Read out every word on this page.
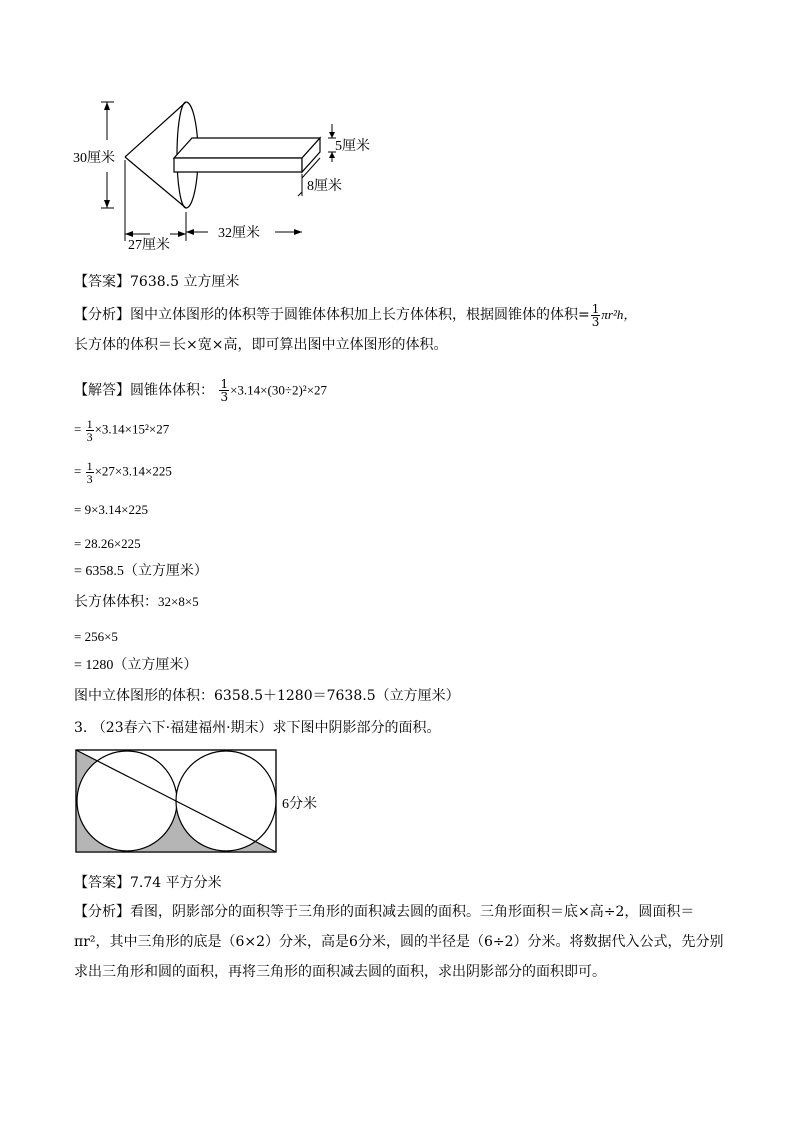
30厘米
5厘米
8厘米
32厘米
27厘米
【答案】7638.5 立方厘米
【分析】图中立体图形的体积等于圆锥体体积加上长方体体积，根据圆锥体的体积= $\frac{1}{3} \pi r^2h$，
长方体的体积＝长×宽×高，即可算出图中立体图形的体积。
【解答】圆锥体体积： $\frac{1}{3} \times 3.14\times(30\div 2)^2\times 27$
= $\frac{1}{3} \times 3.14\times 15^2\times 27$
= $\frac{1}{3} \times 27\times 3.14\times 225$
= 9×3.14×225
= 28.26×225
= 6358.5（立方厘米）
长方体体积：32×8×5
= 256×5
= 1280（立方厘米）
图中立体图形的体积：6358.5＋1280＝7638.5（立方厘米）
3. （23春六下·福建福州·期末）求下图中阴影部分的面积。
6分米
【答案】7.74 平方分米
【分析】看图，阴影部分的面积等于三角形的面积减去圆的面积。三角形面积＝底×高÷2，圆面积＝πr²，其中三角形的底是（6×2）分米，高是6分米，圆的半径是（6÷2）分米。将数据代入公式，先分别求出三角形和圆的面积，再将三角形的面积减去圆的面积，求出阴影部分的面积即可。
